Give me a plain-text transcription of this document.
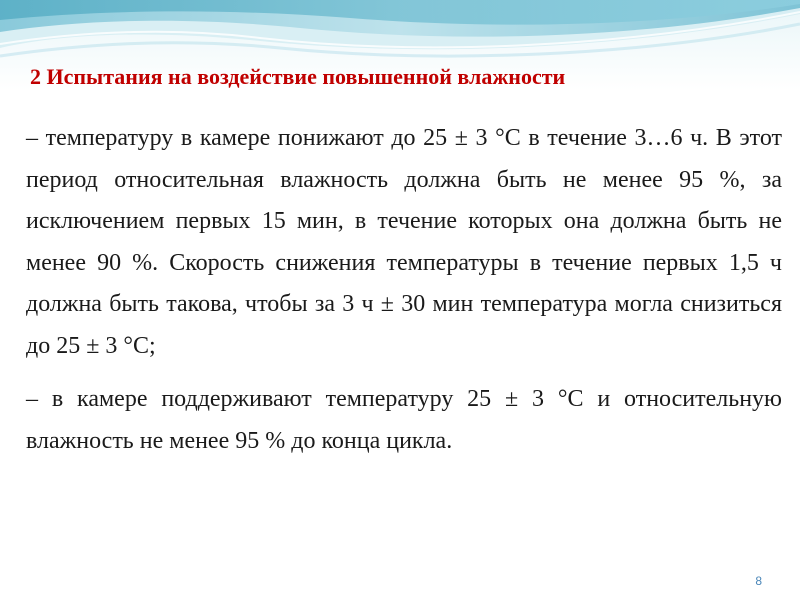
2 Испытания на воздействие повышенной влажности

– температуру в камере понижают до 25 ± 3 °С в течение 3…6 ч. В этот период относительная влажность должна быть не менее 95 %, за исключением первых 15 мин, в течение которых она должна быть не менее 90 %. Скорость снижения температуры в течение первых 1,5 ч должна быть такова, чтобы за 3 ч ± 30 мин температура могла снизиться до 25 ± 3 °С;

– в камере поддерживают температуру 25 ± 3 °С и относительную влажность не менее 95 % до конца цикла.

8
